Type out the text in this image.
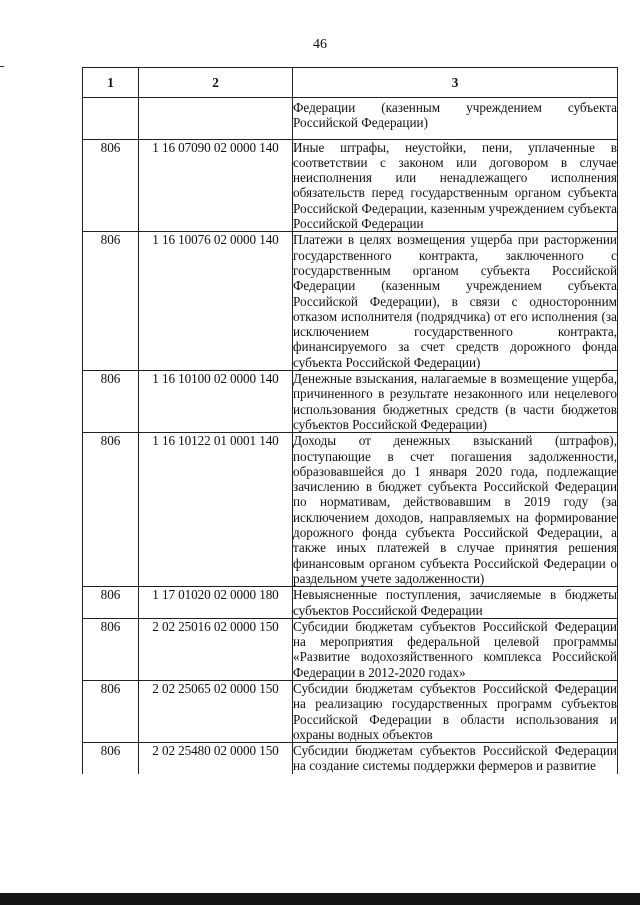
46
1	2	3
		Федерации (казенным учреждением субъекта Российской Федерации)
806	1 16 07090 02 0000 140	Иные штрафы, неустойки, пени, уплаченные в соответствии с законом или договором в случае неисполнения или ненадлежащего исполнения обязательств перед государственным органом субъекта Российской Федерации, казенным учреждением субъекта Российской Федерации
806	1 16 10076 02 0000 140	Платежи в целях возмещения ущерба при расторжении государственного контракта, заключенного с государственным органом субъекта Российской Федерации (казенным учреждением субъекта Российской Федерации), в связи с односторонним отказом исполнителя (подрядчика) от его исполнения (за исключением государственного контракта, финансируемого за счет средств дорожного фонда субъекта Российской Федерации)
806	1 16 10100 02 0000 140	Денежные взыскания, налагаемые в возмещение ущерба, причиненного в результате незаконного или нецелевого использования бюджетных средств (в части бюджетов субъектов Российской Федерации)
806	1 16 10122 01 0001 140	Доходы от денежных взысканий (штрафов), поступающие в счет погашения задолженности, образовавшейся до 1 января 2020 года, подлежащие зачислению в бюджет субъекта Российской Федерации по нормативам, действовавшим в 2019 году (за исключением доходов, направляемых на формирование дорожного фонда субъекта Российской Федерации, а также иных платежей в случае принятия решения финансовым органом субъекта Российской Федерации о раздельном учете задолженности)
806	1 17 01020 02 0000 180	Невыясненные поступления, зачисляемые в бюджеты субъектов Российской Федерации
806	2 02 25016 02 0000 150	Субсидии бюджетам субъектов Российской Федерации на мероприятия федеральной целевой программы «Развитие водохозяйственного комплекса Российской Федерации в 2012-2020 годах»
806	2 02 25065 02 0000 150	Субсидии бюджетам субъектов Российской Федерации на реализацию государственных программ субъектов Российской Федерации в области использования и охраны водных объектов
806	2 02 25480 02 0000 150	Субсидии бюджетам субъектов Российской Федерации на создание системы поддержки фермеров и развитие
